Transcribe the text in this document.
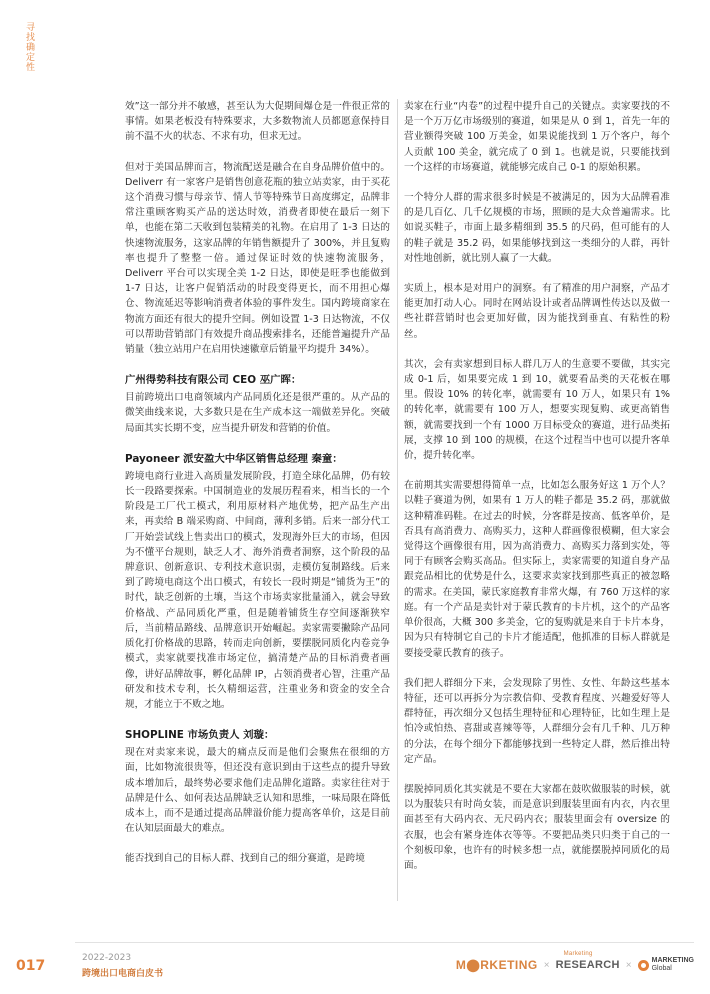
寻找确定性

效”这一部分并不敏感，甚至认为大促期间爆仓是一件很正常的事情。如果老板没有特殊要求，大多数物流人员都愿意保持目前不温不火的状态、不求有功，但求无过。

但对于美国品牌而言，物流配送是融合在自身品牌价值中的。Deliverr 有一家客户是销售创意花瓶的独立站卖家，由于买花这个消费习惯与母亲节、情人节等特殊节日高度绑定，品牌非常注重顾客购买产品的送达时效，消费者即使在最后一刻下单，也能在第二天收到包装精美的礼物。在启用了 1-3 日达的快速物流服务，这家品牌的年销售额提升了 300%，并且复购率也提升了整整一倍。通过保证时效的快速物流服务，Deliverr 平台可以实现全美 1-2 日达，即使是旺季也能做到 1-7 日达，让客户促销活动的时段变得更长，而不用担心爆仓、物流延迟等影响消费者体验的事件发生。国内跨境商家在物流方面还有很大的提升空间。例如设置 1-3 日达物流，不仅可以帮助营销部门有效提升商品搜索排名，还能普遍提升产品销量（独立站用户在启用快速徽章后销量平均提升 34%）。

广州得势科技有限公司 CEO 巫广晖：

目前跨境出口电商领域内产品同质化还是很严重的。从产品的微笑曲线来说，大多数只是在生产成本这一端做差异化。突破局面其实长期不变，应当提升研发和营销的价值。

Payoneer 派安盈大中华区销售总经理 秦童：

跨境电商行业进入高质量发展阶段，打造全球化品牌，仍有较长一段路要探索。中国制造业的发展历程看来，相当长的一个阶段是工厂代工模式，利用原材料产地优势，把产品生产出来，再卖给 B 端采购商、中间商，薄利多销。后来一部分代工厂开始尝试线上售卖出口的模式，发现海外巨大的市场，但因为不懂平台规则，缺乏人才、海外消费者洞察，这个阶段的品牌意识、创新意识、专利技术意识弱，走模仿复制路线。后来到了跨境电商这个出口模式，有较长一段时期是“铺货为王”的时代，缺乏创新的土壤，当这个市场卖家批量涌入，就会导致价格战、产品同质化严重，但是随着铺货生存空间逐渐狭窄后，当前精品路线、品牌意识开始崛起。卖家需要撇除产品同质化打价格战的思路，转而走向创新，要摆脱同质化内卷竞争模式，卖家就要找准市场定位，搞清楚产品的目标消费者画像，讲好品牌故事，孵化品牌 IP，占领消费者心智，注重产品研发和技术专利，长久精细运营，注重业务和资金的安全合规，才能立于不败之地。

SHOPLINE 市场负责人 刘璇：

现在对卖家来说，最大的痛点反而是他们会聚焦在很细的方面，比如物流很贵等，但还没有意识到由于这些点的提升导致成本增加后，最终势必要求他们走品牌化道路。卖家往往对于品牌是什么、如何表达品牌缺乏认知和思维，一味局限在降低成本上，而不是通过提高品牌溢价能力提高客单价，这是目前在认知层面最大的难点。

能否找到自己的目标人群、找到自己的细分赛道，是跨境

卖家在行业“内卷”的过程中提升自己的关键点。卖家要找的不是一个万万亿市场级别的赛道，如果是从 0 到 1，首先一年的营业额得突破 100 万美金，如果说能找到 1 万个客户，每个人贡献 100 美金，就完成了 0 到 1。也就是说，只要能找到一个这样的市场赛道，就能够完成自己 0-1 的原始积累。

一个特分人群的需求很多时候是不被满足的，因为大品牌看准的是几百亿、几千亿规模的市场，照顾的是大众普遍需求。比如说买鞋子，市面上最多精细到 35.5 的尺码，但可能有的人的鞋子就是 35.2 码，如果能够找到这一类细分的人群，再针对性地创新，就比别人赢了一大截。

实质上，根本是对用户的洞察。有了精准的用户洞察，产品才能更加打动人心。同时在网站设计或者品牌调性传达以及做一些社群营销时也会更加好做，因为能找到垂直、有粘性的粉丝。

其次，会有卖家想到目标人群几万人的生意要不要做，其实完成 0-1 后，如果要完成 1 到 10，就要看品类的天花板在哪里。假设 10% 的转化率，就需要有 10 万人，如果只有 1% 的转化率，就需要有 100 万人，想要实现复购、或更高销售额，就需要找到一个有 1000 万目标受众的赛道，进行品类拓展，支撑 10 到 100 的规模，在这个过程当中也可以提升客单价，提升转化率。

在前期其实需要想得简单一点，比如怎么服务好这 1 万个人？以鞋子赛道为例，如果有 1 万人的鞋子都是 35.2 码，那就做这种精准码鞋。在过去的时候，分客群是按高、低客单价，是否具有高消费力、高购买力，这种人群画像很模糊，但大家会觉得这个画像很有用，因为高消费力、高购买力落到实处，等同于有顾客会购买高品。但实际上，卖家需要的知道自身产品跟竞品相比的优势是什么，这要求卖家找到那些真正的被忽略的需求。在美国，蒙氏家庭教育非常火爆，有 760 万这样的家庭。有一个产品是卖针对于蒙氏教育的卡片机，这个的产品客单价很高，大概 300 多美金，它的复购就是来自于卡片本身，因为只有特制它自己的卡片才能适配，他抓准的目标人群就是要接受蒙氏教育的孩子。

我们把人群细分下来，会发现除了男性、女性、年龄这些基本特征，还可以再拆分为宗教信仰、受教育程度、兴趣爱好等人群特征，再次细分又包括生理特征和心理特征，比如生理上是怕冷或怕热、喜甜或喜辣等等，人群细分会有几千种、几万种的分法，在每个细分下都能够找到一些特定人群，然后推出特定产品。

摆脱掉同质化其实就是不要在大家都在鼓吹做服装的时候，就以为服装只有时尚女装，而是意识到服装里面有内衣，内衣里面甚至有大码内衣、无尺码内衣；服装里面会有 oversize 的衣服，也会有紧身连体衣等等。不要把品类只归类于自己的一个刻板印象，也许有的时候多想一点，就能摆脱掉同质化的局面。

017	2022-2023
跨境出口电商白皮书
M⬤RKETING ×
Marketing
RESEARCH ×	MARKETING
Global
